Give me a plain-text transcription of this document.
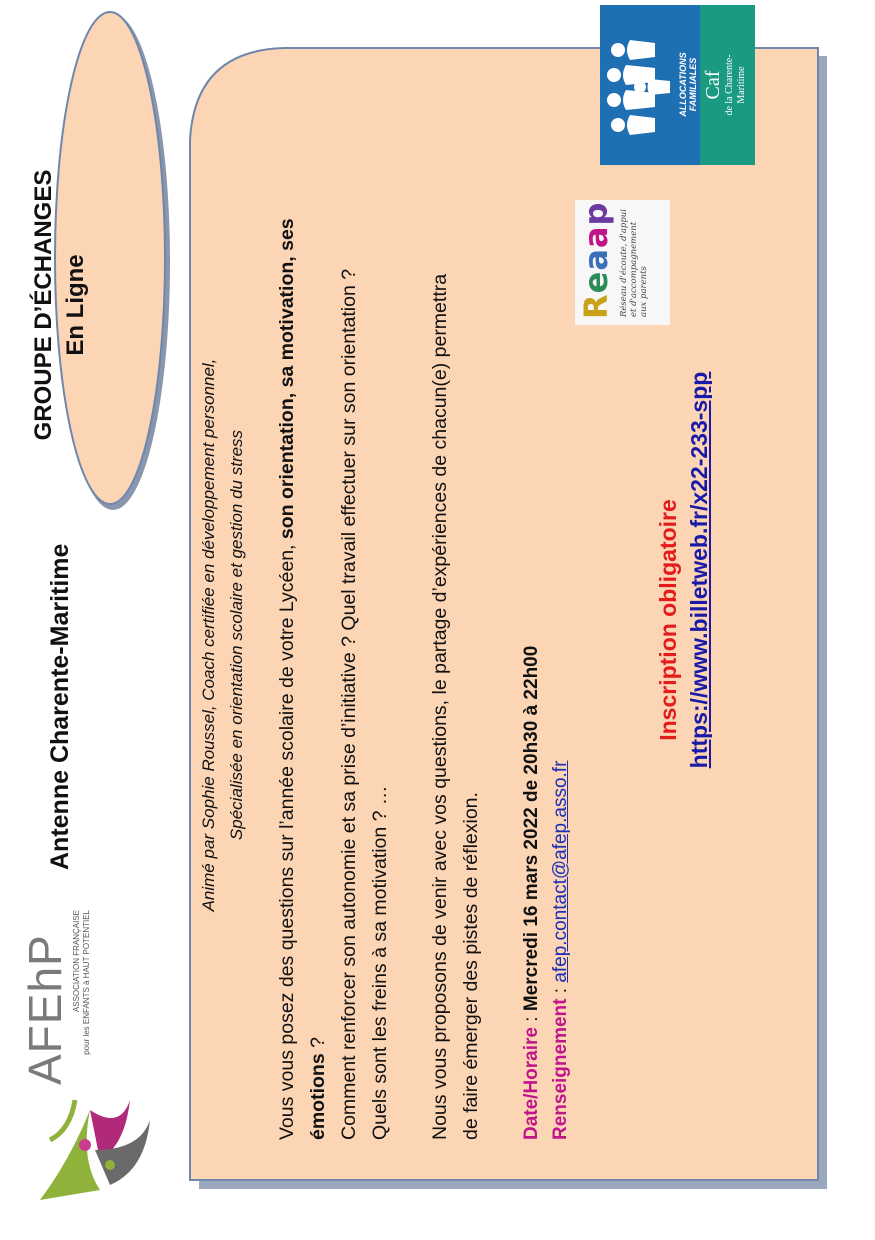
AFEhP ASSOCIATION FRANÇAISE pour les ENFANTS à HAUT POTENTIEL
Antenne Charente-Maritime
GROUPE D’ÉCHANGES En Ligne
Animé par Sophie Roussel, Coach certifiée en développement personnel, Spécialisée en orientation scolaire et gestion du stress Vous vous posez des questions sur l’année scolaire de votre Lycéen, son orientation, sa motivation, ses émotions ? Comment renforcer son autonomie et sa prise d’initiative ? Quel travail effectuer sur son orientation ? Quels sont les freins à sa motivation ? … Nous vous proposons de venir avec vos questions, le partage d’expériences de chacun(e) permettra de faire émerger des pistes de réflexion. Date/Horaire : Mercredi 16 mars 2022 de 20h30 à 22h00
Renseignement : afep.contact@afep.asso.fr
Inscription obligatoire https://www.billetweb.fr/x22-233-spp
Reaap Réseau d'écoute, d'appui et d'accompagnement aux parents
ALLOCATIONS FAMILIALES Caf de la Charente- Maritime
